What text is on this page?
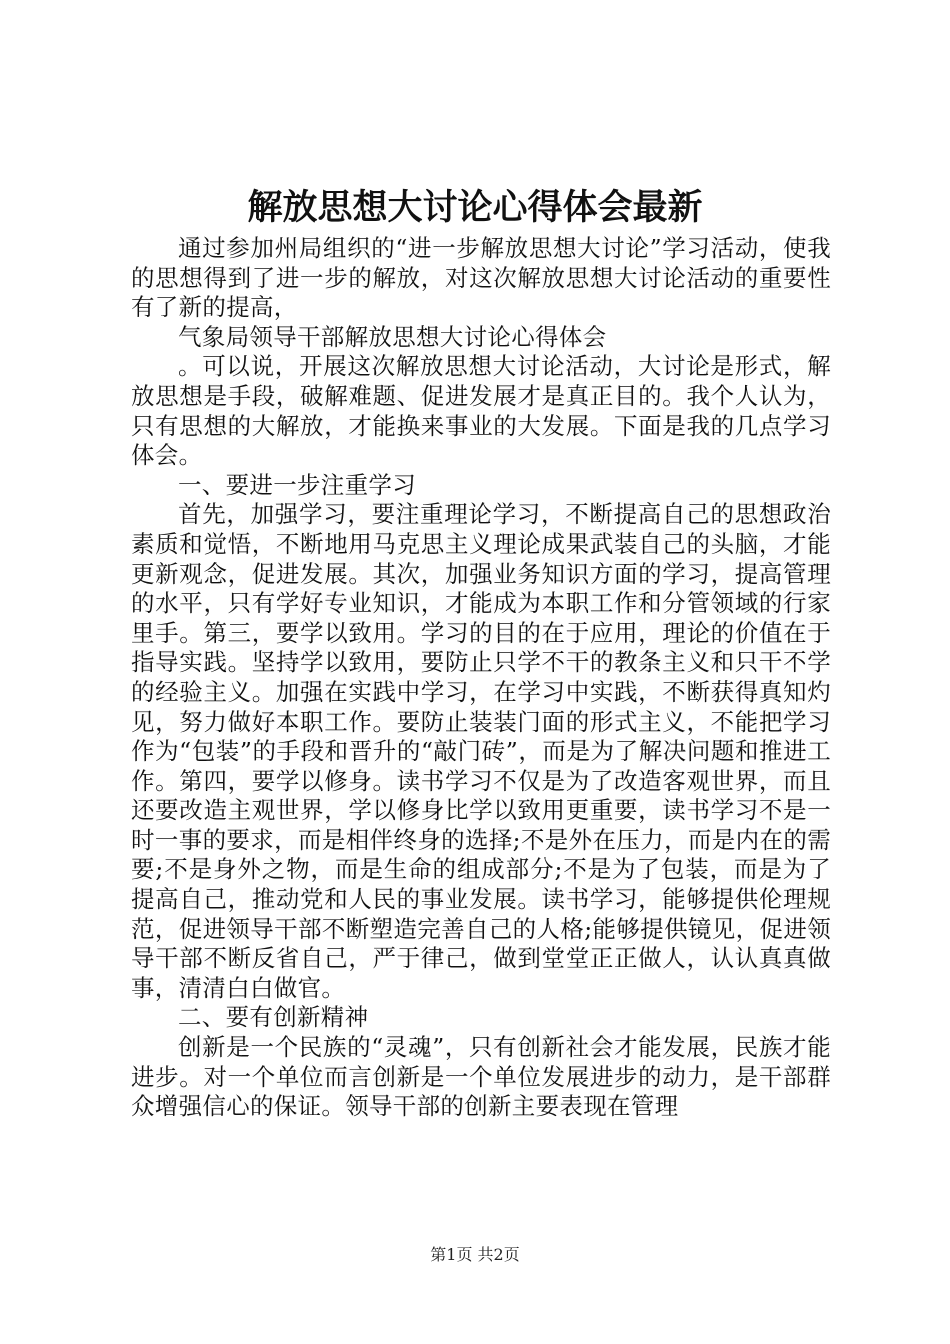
解放思想大讨论心得体会最新

通过参加州局组织的“进一步解放思想大讨论”学习活动，使我的思想得到了进一步的解放，对这次解放思想大讨论活动的重要性有了新的提高，

气象局领导干部解放思想大讨论心得体会

。可以说，开展这次解放思想大讨论活动，大讨论是形式，解放思想是手段，破解难题、促进发展才是真正目的。我个人认为，只有思想的大解放，才能换来事业的大发展。下面是我的几点学习体会。

一、要进一步注重学习

首先，加强学习，要注重理论学习，不断提高自己的思想政治素质和觉悟，不断地用马克思主义理论成果武装自己的头脑，才能更新观念，促进发展。其次，加强业务知识方面的学习，提高管理的水平，只有学好专业知识，才能成为本职工作和分管领域的行家里手。第三，要学以致用。学习的目的在于应用，理论的价值在于指导实践。坚持学以致用，要防止只学不干的教条主义和只干不学的经验主义。加强在实践中学习，在学习中实践，不断获得真知灼见，努力做好本职工作。要防止装装门面的形式主义，不能把学习作为“包装”的手段和晋升的“敲门砖”，而是为了解决问题和推进工作。第四，要学以修身。读书学习不仅是为了改造客观世界，而且还要改造主观世界，学以修身比学以致用更重要，读书学习不是一时一事的要求，而是相伴终身的选择;不是外在压力，而是内在的需要;不是身外之物，而是生命的组成部分;不是为了包装，而是为了提高自己，推动党和人民的事业发展。读书学习，能够提供伦理规范，促进领导干部不断塑造完善自己的人格;能够提供镜见，促进领导干部不断反省自己，严于律己，做到堂堂正正做人，认认真真做事，清清白白做官。

二、要有创新精神

创新是一个民族的“灵魂”，只有创新社会才能发展，民族才能进步。对一个单位而言创新是一个单位发展进步的动力，是干部群众增强信心的保证。领导干部的创新主要表现在管理

第1页 共2页
